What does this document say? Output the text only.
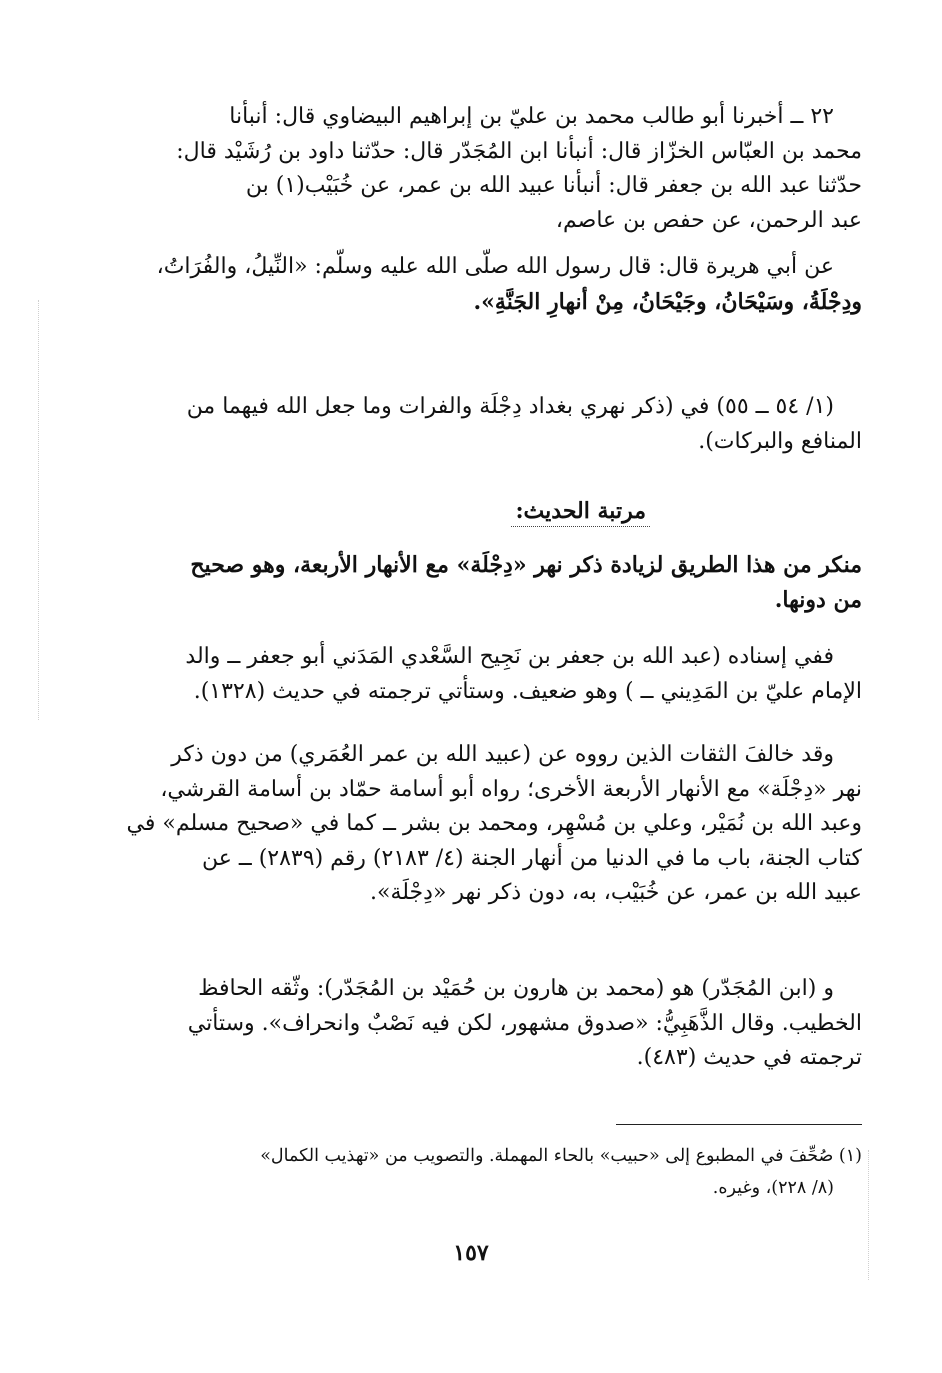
٢٢ ــ أخبرنا أبو طالب محمد بن عليّ بن إبراهيم البيضاوي قال: أنبأنا

محمد بن العبّاس الخزّاز قال: أنبأنا ابن المُجَدّر قال: حدّثنا داود بن رُشَيْد قال:

حدّثنا عبد الله بن جعفر قال: أنبأنا عبيد الله بن عمر، عن خُبَيْب(١) بن

عبد الرحمن، عن حفص بن عاصم،

عن أبي هريرة قال: قال رسول الله صلّى الله عليه وسلّم: «النِّيلُ، والفُرَاتُ،

ودِجْلَةُ، وسَيْحَانُ، وجَيْحَانُ، مِنْ أنهارِ الجَنَّةِ».

(١/ ٥٤ ــ ٥٥) في (ذكر نهري بغداد دِجْلَة والفرات وما جعل الله فيهما من

المنافع والبركات).

مرتبة الحديث:

منكر من هذا الطريق لزيادة ذكر نهر «دِجْلَة» مع الأنهار الأربعة، وهو صحيح

من دونها.

ففي إسناده (عبد الله بن جعفر بن نَجِيح السَّعْدي المَدَني أبو جعفر ــ والد

الإمام عليّ بن المَدِيني ــ ) وهو ضعيف. وستأتي ترجمته في حديث (١٣٢٨).

وقد خالفَ الثقات الذين رووه عن (عبيد الله بن عمر العُمَري) من دون ذكر

نهر «دِجْلَة» مع الأنهار الأربعة الأخرى؛ رواه أبو أسامة حمّاد بن أسامة القرشي،

وعبد الله بن نُمَيْر، وعلي بن مُسْهِر، ومحمد بن بشر ــ كما في «صحيح مسلم» في

كتاب الجنة، باب ما في الدنيا من أنهار الجنة (٤/ ٢١٨٣) رقم (٢٨٣٩) ــ عن

عبيد الله بن عمر، عن خُبَيْب، به، دون ذكر نهر «دِجْلَة».

و (ابن المُجَدّر) هو (محمد بن هارون بن حُمَيْد بن المُجَدّر): وثّقه الحافظ

الخطيب. وقال الذَّهَبِيُّ: «صدوق مشهور، لكن فيه نَصْبٌ وانحراف». وستأتي

ترجمته في حديث (٤٨٣).

(١) صُحِّفَ في المطبوع إلى «حبيب» بالحاء المهملة. والتصويب من «تهذيب الكمال»

(٨/ ٢٢٨)، وغيره.

١٥٧
